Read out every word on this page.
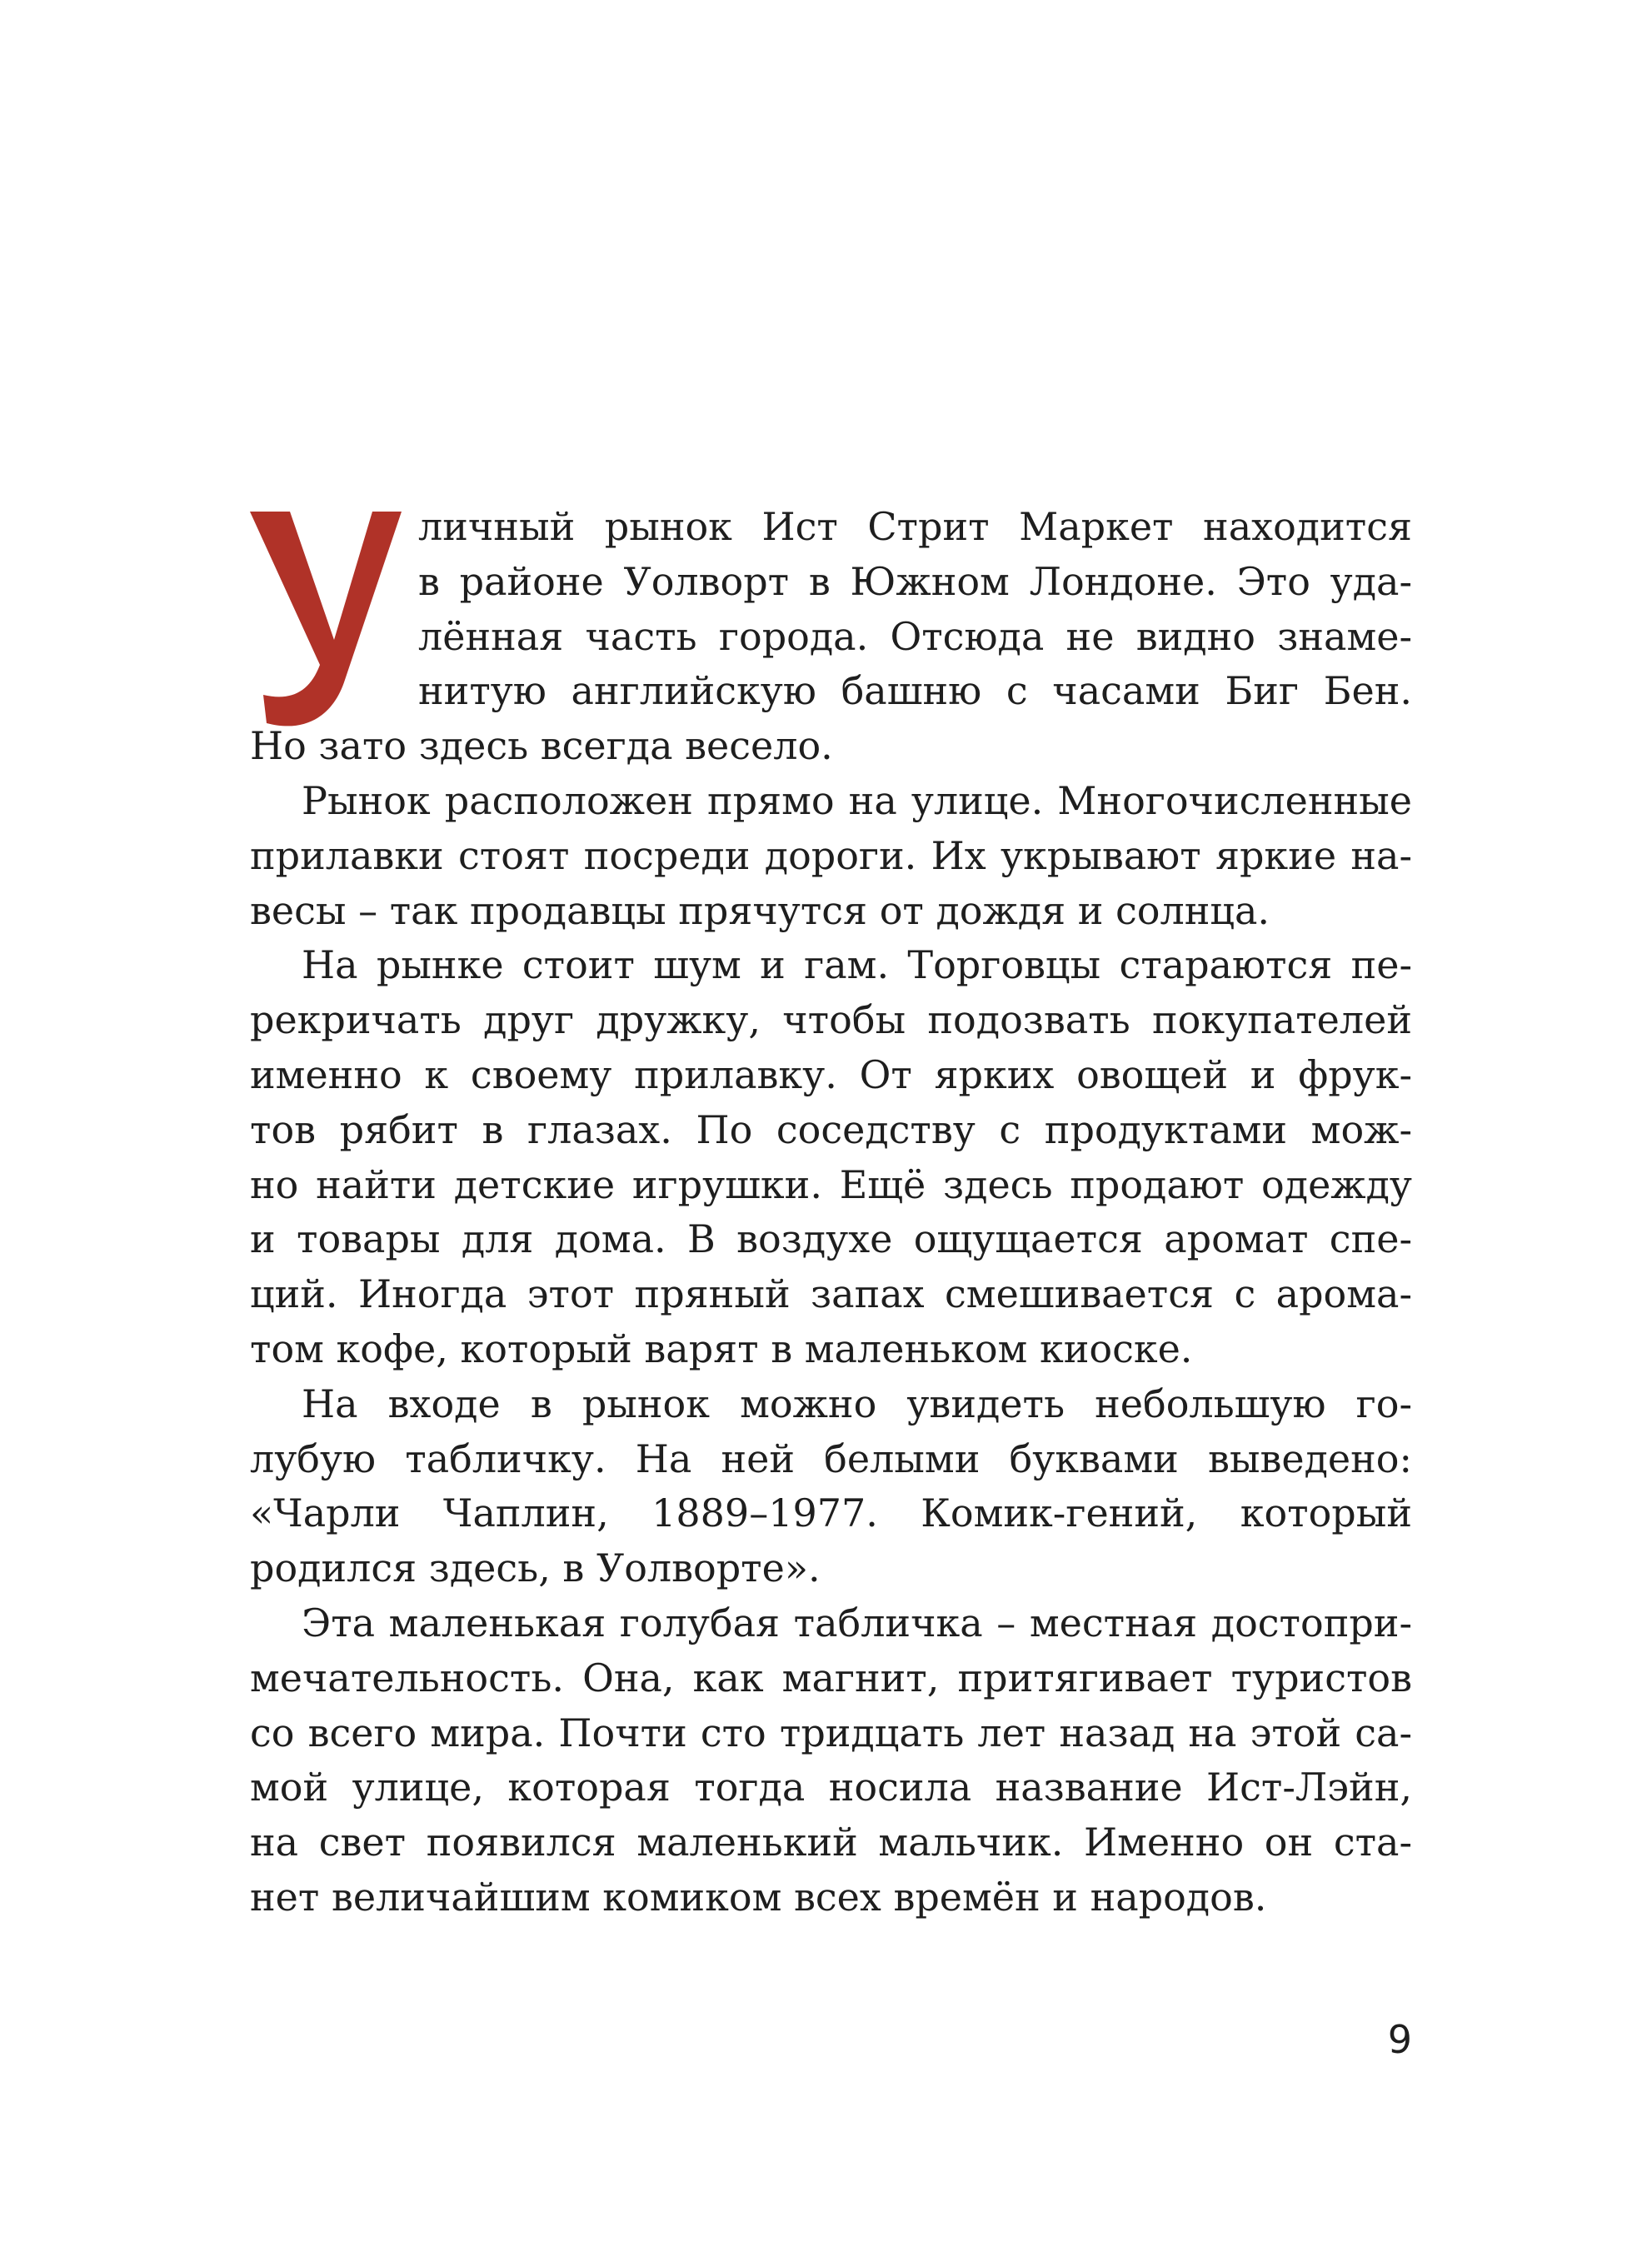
личный рынок Ист Стрит Маркет находится
в районе Уолворт в Южном Лондоне. Это уда-
лённая часть города. Отсюда не видно знаме-
нитую английскую башню с часами Биг Бен.
Но зато здесь всегда весело.
Рынок расположен прямо на улице. Многочисленные
прилавки стоят посреди дороги. Их укрывают яркие на-
весы – так продавцы прячутся от дождя и солнца.
На рынке стоит шум и гам. Торговцы стараются пе-
рекричать друг дружку, чтобы подозвать покупателей
именно к своему прилавку. От ярких овощей и фрук-
тов рябит в глазах. По соседству с продуктами мож-
но найти детские игрушки. Ещё здесь продают одежду
и товары для дома. В воздухе ощущается аромат спе-
ций. Иногда этот пряный запах смешивается с арома-
том кофе, который варят в маленьком киоске.
На входе в рынок можно увидеть небольшую го-
лубую табличку. На ней белыми буквами выведено:
«Чарли Чаплин, 1889–1977. Комик-гений, который
родился здесь, в Уолворте».
Эта маленькая голубая табличка – местная достопри-
мечательность. Она, как магнит, притягивает туристов
со всего мира. Почти сто тридцать лет назад на этой са-
мой улице, которая тогда носила название Ист-Лэйн,
на свет появился маленький мальчик. Именно он ста-
нет величайшим комиком всех времён и народов.
9
